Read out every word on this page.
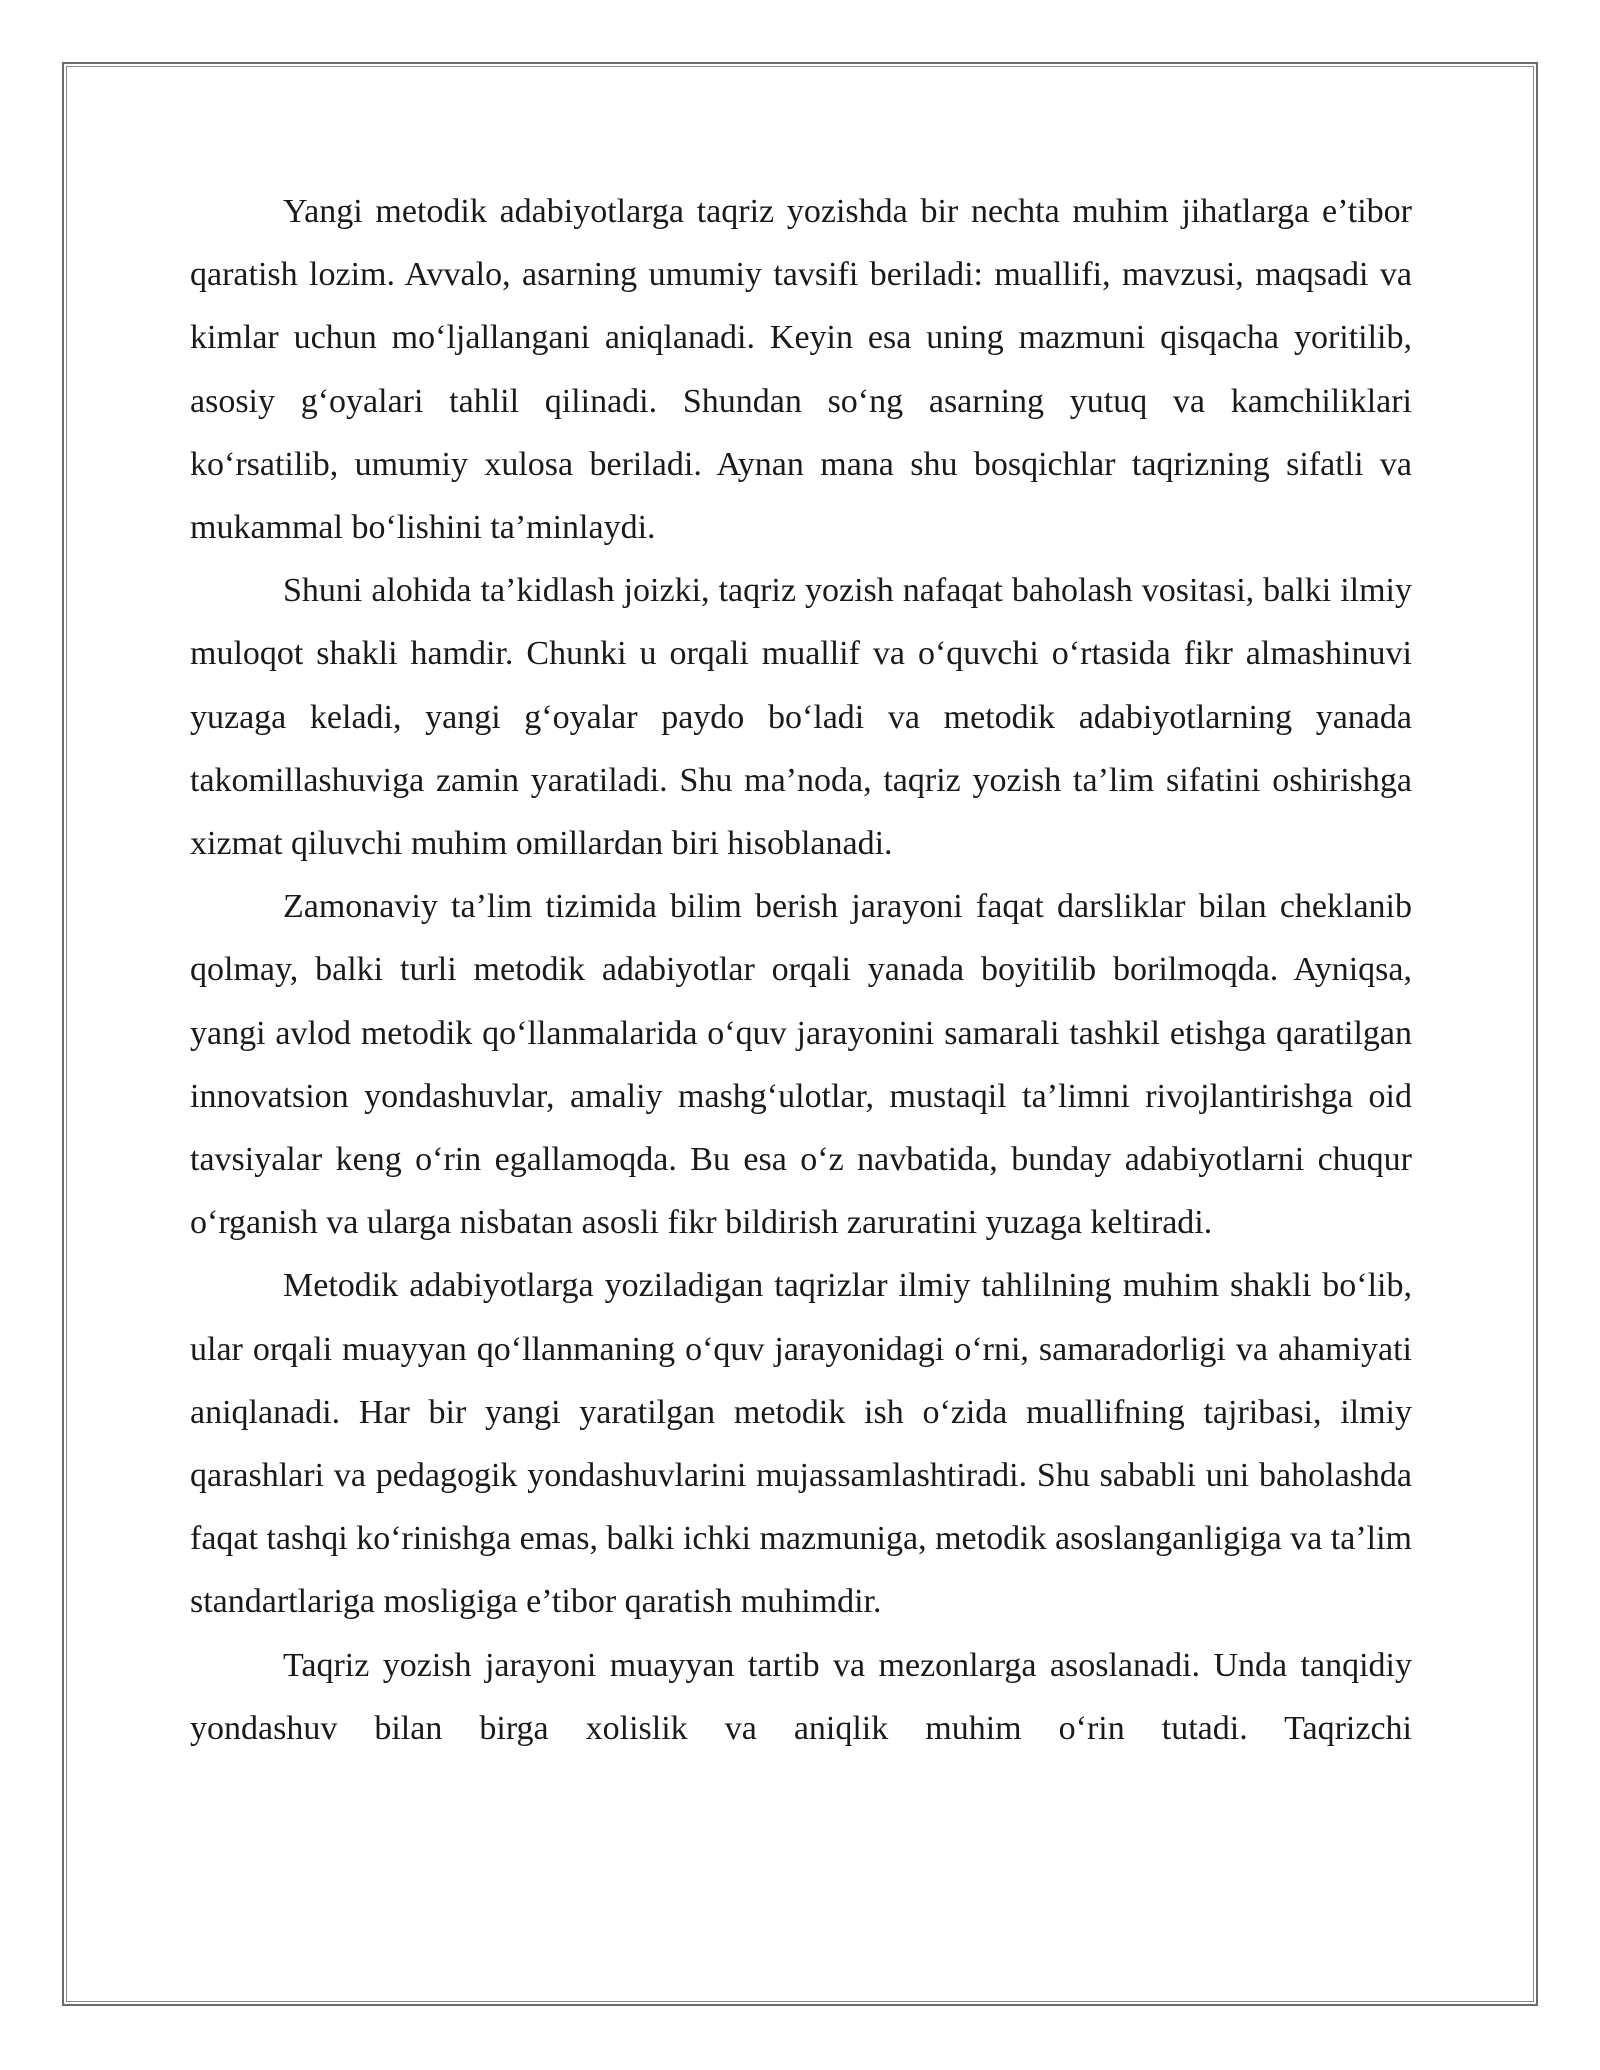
Yangi metodik adabiyotlarga taqriz yozishda bir nechta muhim jihatlarga e’tibor qaratish lozim. Avvalo, asarning umumiy tavsifi beriladi: muallifi, mavzusi, maqsadi va kimlar uchun mo‘ljallangani aniqlanadi. Keyin esa uning mazmuni qisqacha yoritilib, asosiy g‘oyalari tahlil qilinadi. Shundan so‘ng asarning yutuq va kamchiliklari ko‘rsatilib, umumiy xulosa beriladi. Aynan mana shu bosqichlar taqrizning sifatli va mukammal bo‘lishini ta’minlaydi.

Shuni alohida ta’kidlash joizki, taqriz yozish nafaqat baholash vositasi, balki ilmiy muloqot shakli hamdir. Chunki u orqali muallif va o‘quvchi o‘rtasida fikr almashinuvi yuzaga keladi, yangi g‘oyalar paydo bo‘ladi va metodik adabiyotlarning yanada takomillashuviga zamin yaratiladi. Shu ma’noda, taqriz yozish ta’lim sifatini oshirishga xizmat qiluvchi muhim omillardan biri hisoblanadi.

Zamonaviy ta’lim tizimida bilim berish jarayoni faqat darsliklar bilan cheklanib qolmay, balki turli metodik adabiyotlar orqali yanada boyitilib borilmoqda. Ayniqsa, yangi avlod metodik qo‘llanmalarida o‘quv jarayonini samarali tashkil etishga qaratilgan innovatsion yondashuvlar, amaliy mashg‘ulotlar, mustaqil ta’limni rivojlantirishga oid tavsiyalar keng o‘rin egallamoqda. Bu esa o‘z navbatida, bunday adabiyotlarni chuqur o‘rganish va ularga nisbatan asosli fikr bildirish zaruratini yuzaga keltiradi.

Metodik adabiyotlarga yoziladigan taqrizlar ilmiy tahlilning muhim shakli bo‘lib, ular orqali muayyan qo‘llanmaning o‘quv jarayonidagi o‘rni, samaradorligi va ahamiyati aniqlanadi. Har bir yangi yaratilgan metodik ish o‘zida muallifning tajribasi, ilmiy qarashlari va pedagogik yondashuvlarini mujassamlashtiradi. Shu sababli uni baholashda faqat tashqi ko‘rinishga emas, balki ichki mazmuniga, metodik asoslanganligiga va ta’lim standartlariga mosligiga e’tibor qaratish muhimdir.

Taqriz yozish jarayoni muayyan tartib va mezonlarga asoslanadi. Unda tanqidiy yondashuv bilan birga xolislik va aniqlik muhim o‘rin tutadi. Taqrizchi
